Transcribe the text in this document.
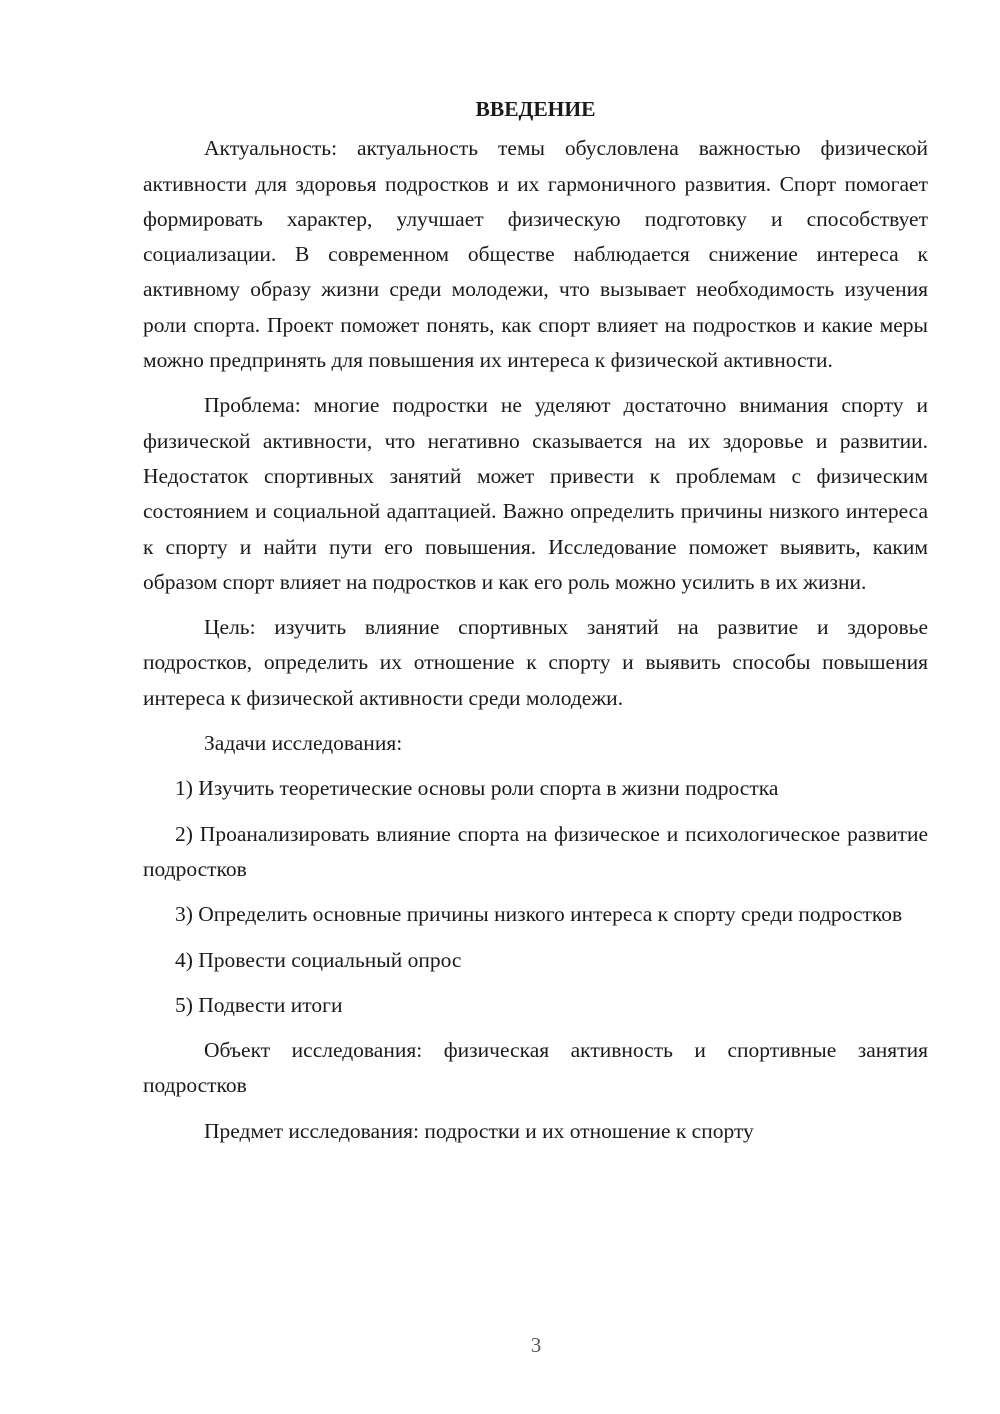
ВВЕДЕНИЕ

Актуальность: актуальность темы обусловлена важностью физической активности для здоровья подростков и их гармоничного развития. Спорт помогает формировать характер, улучшает физическую подготовку и способствует социализации. В современном обществе наблюдается снижение интереса к активному образу жизни среди молодежи, что вызывает необходимость изучения роли спорта. Проект поможет понять, как спорт влияет на подростков и какие меры можно предпринять для повышения их интереса к физической активности.

Проблема: многие подростки не уделяют достаточно внимания спорту и физической активности, что негативно сказывается на их здоровье и развитии. Недостаток спортивных занятий может привести к проблемам с физическим состоянием и социальной адаптацией. Важно определить причины низкого интереса к спорту и найти пути его повышения. Исследование поможет выявить, каким образом спорт влияет на подростков и как его роль можно усилить в их жизни.

Цель: изучить влияние спортивных занятий на развитие и здоровье подростков, определить их отношение к спорту и выявить способы повышения интереса к физической активности среди молодежи.

Задачи исследования:

1) Изучить теоретические основы роли спорта в жизни подростка

2) Проанализировать влияние спорта на физическое и психологическое развитие подростков

3) Определить основные причины низкого интереса к спорту среди подростков

4) Провести социальный опрос

5) Подвести итоги

Объект исследования: физическая активность и спортивные занятия подростков

Предмет исследования: подростки и их отношение к спорту

3
